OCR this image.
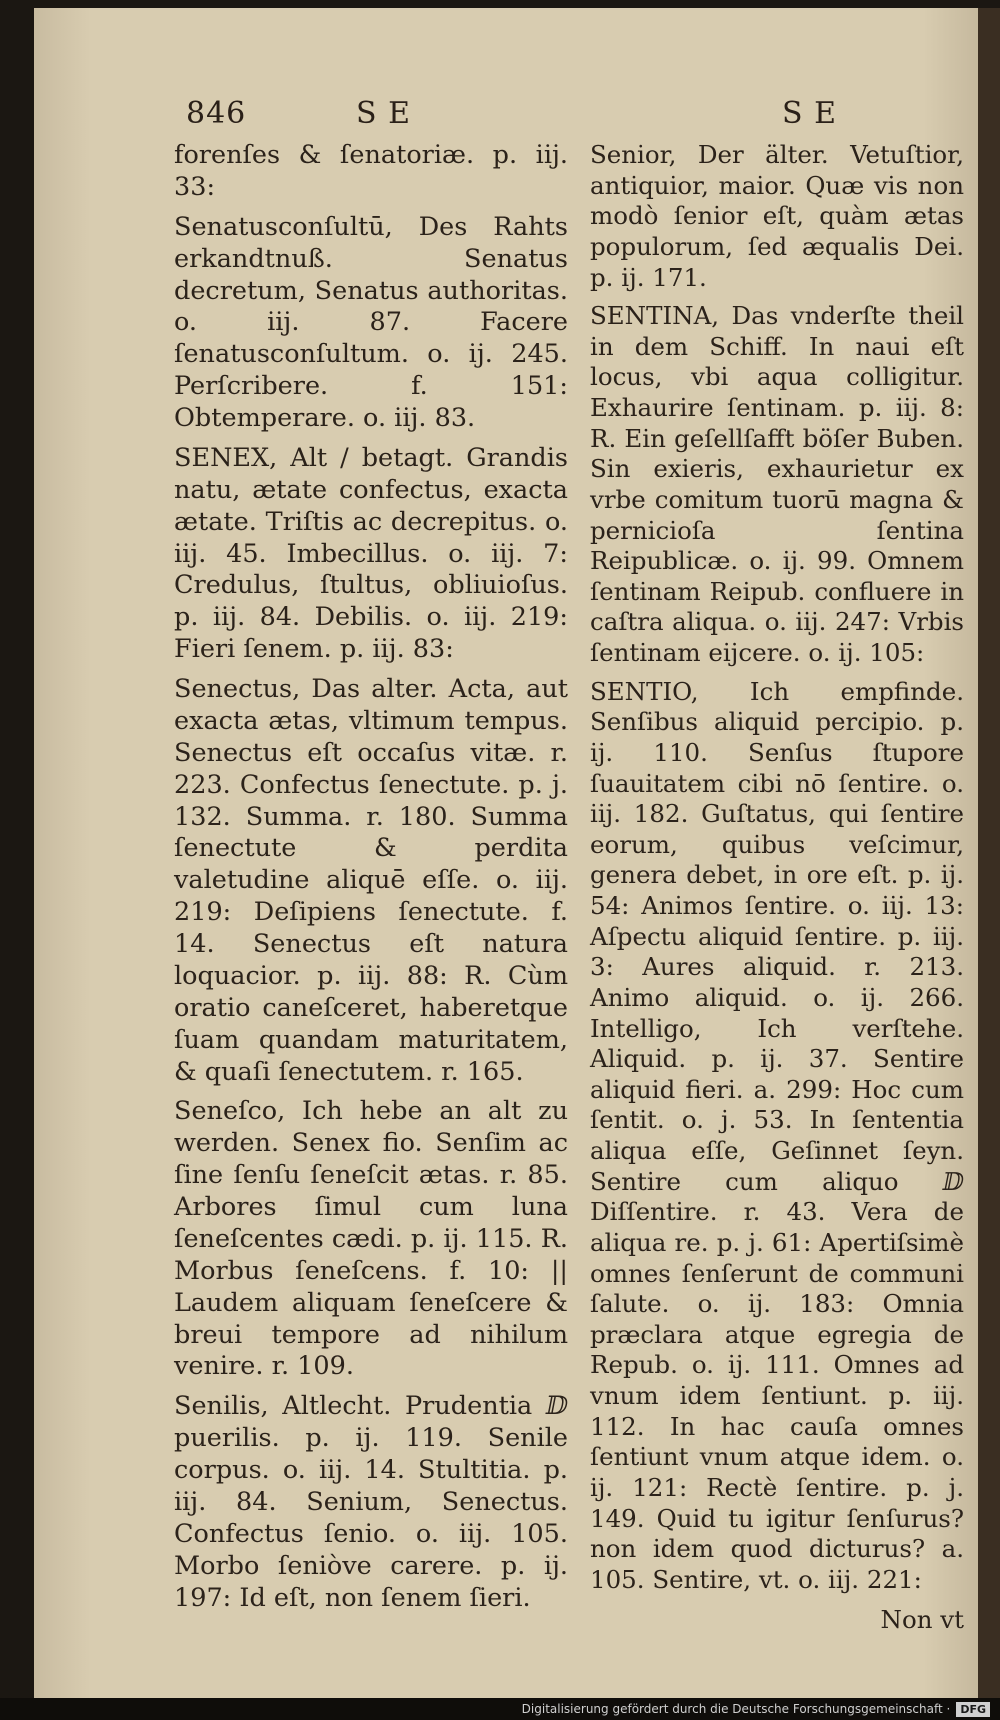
846	S E	S E

forenſes & ſenatoriæ. p. iij. 33:

Senatusconſultū, Des Rahts erkandtnuß. Senatus decretum, Senatus authoritas. o. iij. 87. Facere ſenatusconſultum. o. ij. 245. Perſcribere. f. 151: Obtemperare. o. iij. 83.

SENEX, Alt / betagt. Grandis natu, ætate confectus, exacta ætate. Triſtis ac decrepitus. o. iij. 45. Imbecillus. o. iij. 7: Credulus, ſtultus, obliuioſus. p. iij. 84. Debilis. o. iij. 219: Fieri ſenem. p. iij. 83:

Senectus, Das alter. Acta, aut exacta ætas, vltimum tempus. Senectus eſt occaſus vitæ. r. 223. Confectus ſenectute. p. j. 132. Summa. r. 180. Summa ſenectute & perdita valetudine aliquē eſſe. o. iij. 219: Deſipiens ſenectute. f. 14. Senectus eſt natura loquacior. p. iij. 88: R. Cùm oratio caneſceret, haberetque ſuam quandam maturitatem, & quaſi ſenectutem. r. 165.

Seneſco, Ich hebe an alt zu werden. Senex fio. Senſim ac ſine ſenſu ſeneſcit ætas. r. 85. Arbores ſimul cum luna ſeneſcentes cædi. p. ij. 115. R. Morbus ſeneſcens. f. 10: || Laudem aliquam ſeneſcere & breui tempore ad nihilum venire. r. 109.

Senilis, Altlecht. Prudentia ⅅ puerilis. p. ij. 119. Senile corpus. o. iij. 14. Stultitia. p. iij. 84. Senium, Senectus. Confectus ſenio. o. iij. 105. Morbo ſeniòve carere. p. ij. 197: Id eſt, non ſenem ſieri.

Senior, Der älter. Vetuſtior, antiquior, maior. Quæ vis non modò ſenior eſt, quàm ætas populorum, ſed æqualis Dei. p. ij. 171.

SENTINA, Das vnderſte theil in dem Schiff. In naui eſt locus, vbi aqua colligitur. Exhaurire ſentinam. p. iij. 8: R. Ein geſellſafft böſer Buben. Sin exieris, exhaurietur ex vrbe comitum tuorū magna & pernicioſa ſentina Reipublicæ. o. ij. 99. Omnem ſentinam Reipub. confluere in caſtra aliqua. o. iij. 247: Vrbis ſentinam eijcere. o. ij. 105:

SENTIO, Ich empfinde. Senſibus aliquid percipio. p. ij. 110. Senſus ſtupore ſuauitatem cibi nō ſentire. o. iij. 182. Guſtatus, qui ſentire eorum, quibus veſcimur, genera debet, in ore eſt. p. ij. 54: Animos ſentire. o. iij. 13: Aſpectu aliquid ſentire. p. iij. 3: Aures aliquid. r. 213. Animo aliquid. o. ij. 266. Intelligo, Ich verſtehe. Aliquid. p. ij. 37. Sentire aliquid fieri. a. 299: Hoc cum ſentit. o. j. 53. In ſententia aliqua eſſe, Geſinnet ſeyn. Sentire cum aliquo ⅅ Diſſentire. r. 43. Vera de aliqua re. p. j. 61: Apertiſsimè omnes ſenſerunt de communi ſalute. o. ij. 183: Omnia præclara atque egregia de Repub. o. ij. 111. Omnes ad vnum idem ſentiunt. p. iij. 112. In hac cauſa omnes ſentiunt vnum atque idem. o. ij. 121: Rectè ſentire. p. j. 149. Quid tu igitur ſenſurus? non idem quod dicturus? a. 105. Sentire, vt. o. iij. 221:

Non vt
Digitalisierung gefördert durch die Deutsche Forschungsgemeinschaft · DFG
